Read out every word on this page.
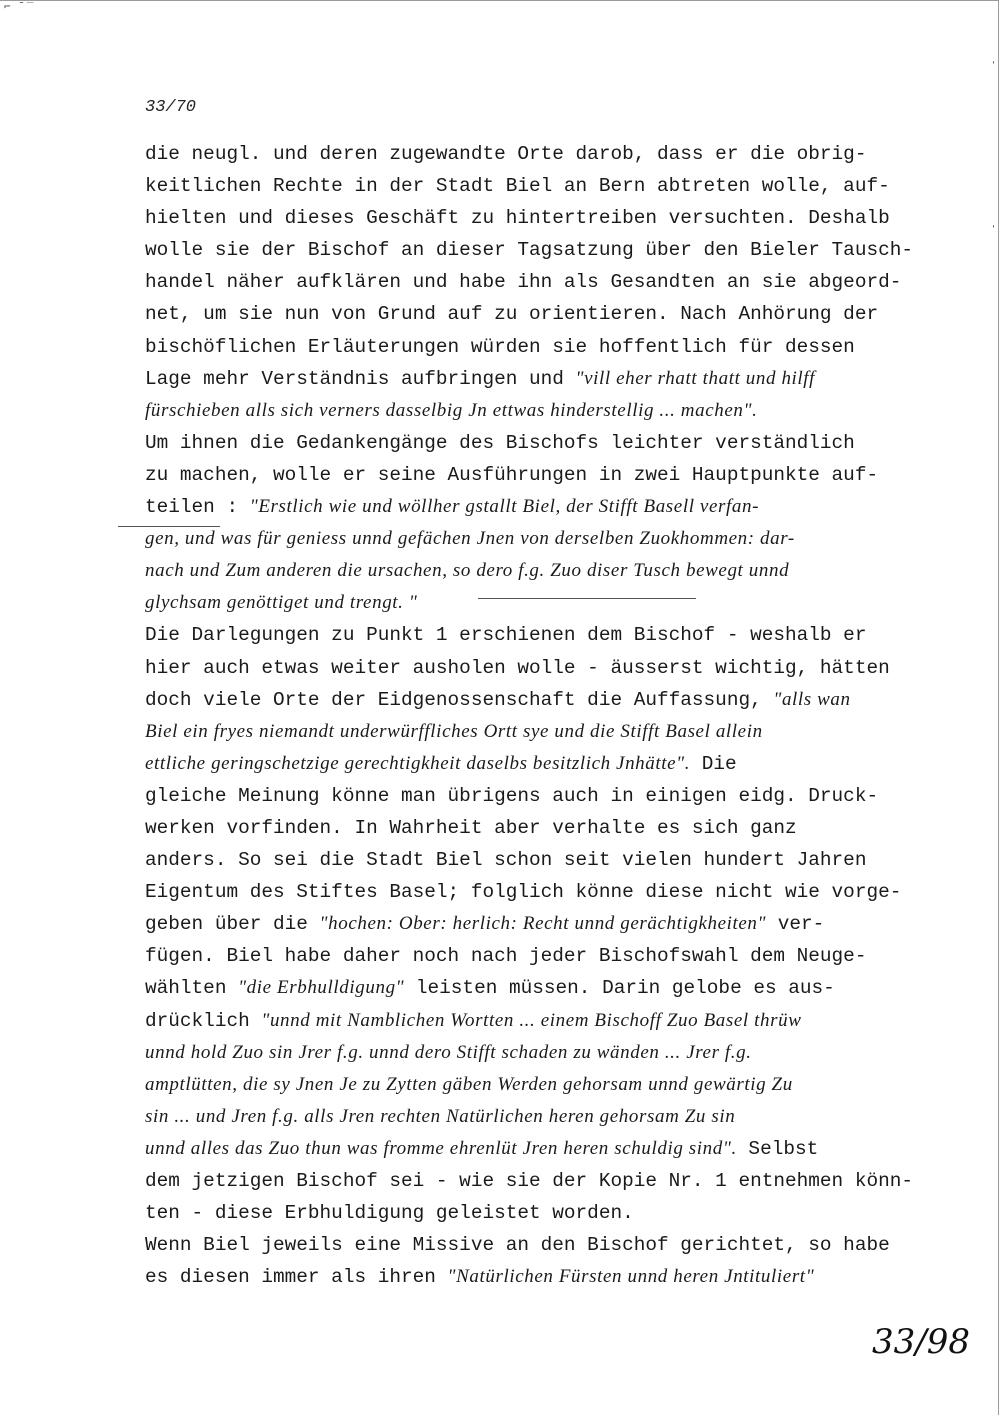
⌐ ̄ ‾
33/70
die neugl. und deren zugewandte Orte darob, dass er die obrig-
keitlichen Rechte in der Stadt Biel an Bern abtreten wolle, auf-
hielten und dieses Geschäft zu hintertreiben versuchten. Deshalb
wolle sie der Bischof an dieser Tagsatzung über den Bieler Tausch-
handel näher aufklären und habe ihn als Gesandten an sie abgeord-
net, um sie nun von Grund auf zu orientieren. Nach Anhörung der
bischöflichen Erläuterungen würden sie hoffentlich für dessen
Lage mehr Verständnis aufbringen und "vill eher rhatt thatt und hilff
fürschieben alls sich verners dasselbig Jn ettwas hinderstellig ... machen".
Um ihnen die Gedankengänge des Bischofs leichter verständlich
zu machen, wolle er seine Ausführungen in zwei Hauptpunkte auf-
teilen : "Erstlich wie und wöllher gstallt Biel, der Stifft Basell verfan-
gen, und was für geniess unnd gefächen Jnen von derselben Zuokhommen: dar-
nach und Zum anderen die ursachen, so dero f.g. Zuo diser Tusch bewegt unnd
glychsam genöttiget und trengt. "
Die Darlegungen zu Punkt 1 erschienen dem Bischof - weshalb er
hier auch etwas weiter ausholen wolle - äusserst wichtig, hätten
doch viele Orte der Eidgenossenschaft die Auffassung, "alls wan
Biel ein fryes niemandt underwürffliches Ortt sye und die Stifft Basel allein
ettliche geringschetzige gerechtigkheit daselbs besitzlich Jnhätte". Die
gleiche Meinung könne man übrigens auch in einigen eidg. Druck-
werken vorfinden. In Wahrheit aber verhalte es sich ganz
anders. So sei die Stadt Biel schon seit vielen hundert Jahren
Eigentum des Stiftes Basel; folglich könne diese nicht wie vorge-
geben über die "hochen: Ober: herlich: Recht unnd gerächtigkheiten" ver-
fügen. Biel habe daher noch nach jeder Bischofswahl dem Neuge-
wählten "die Erbhulldigung" leisten müssen. Darin gelobe es aus-
drücklich "unnd mit Namblichen Wortten ... einem Bischoff Zuo Basel thrüw
unnd hold Zuo sin Jrer f.g. unnd dero Stifft schaden zu wänden ... Jrer f.g.
amptlütten, die sy Jnen Je zu Zytten gäben Werden gehorsam unnd gewärtig Zu
sin ... und Jren f.g. alls Jren rechten Natürlichen heren gehorsam Zu sin
unnd alles das Zuo thun was fromme ehrenlüt Jren heren schuldig sind". Selbst
dem jetzigen Bischof sei - wie sie der Kopie Nr. 1 entnehmen könn-
ten - diese Erbhuldigung geleistet worden.
Wenn Biel jeweils eine Missive an den Bischof gerichtet, so habe
es diesen immer als ihren "Natürlichen Fürsten unnd heren Jntituliert"
'
'
33/98
